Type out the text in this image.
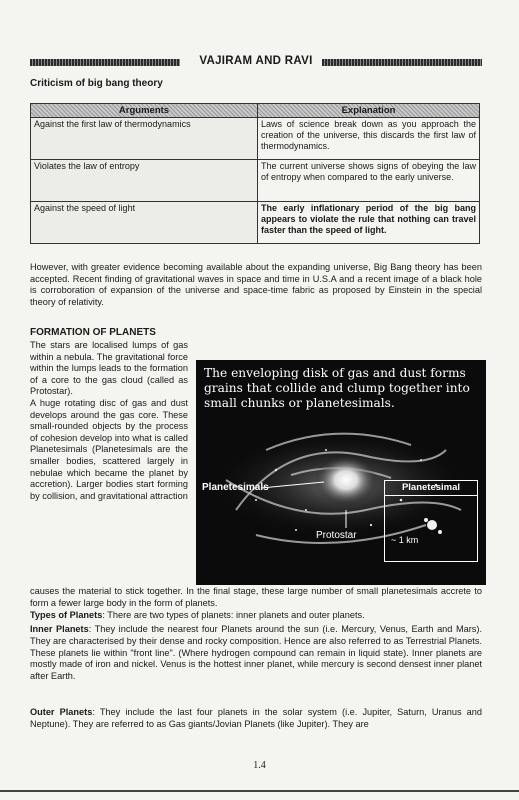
VAJIRAM AND RAVI
Criticism of big bang theory
Arguments	Explanation
Against the first law of thermodynamics	Laws of science break down as you approach the creation of the universe, this discards the first law of thermodynamics.
Violates the law of entropy	The current universe shows signs of obeying the law of entropy when compared to the early universe.
Against the speed of light	The early inflationary period of the big bang appears to violate the rule that nothing can travel faster than the speed of light.

However, with greater evidence becoming available about the expanding universe, Big Bang theory has been accepted. Recent finding of gravitational waves in space and time in U.S.A and a recent image of a black hole is corroboration of expansion of the universe and space-time fabric as proposed by Einstein in the special theory of relativity.

FORMATION OF PLANETS

The stars are localised lumps of gas within a nebula. The gravitational force within the lumps leads to the formation of a core to the gas cloud (called as Protostar).

A huge rotating disc of gas and dust develops around the gas core. These small-rounded objects by the process of cohesion develop into what is called Planetesimals (Planetesimals are the smaller bodies, scattered largely in nebulae which became the planet by accretion). Larger bodies start forming by collision, and gravitational attraction

The enveloping disk of gas and dust forms grains that collide and clump together into small chunks or planetesimals.
Planetesimals
Protostar
Planetesimal
~ 1 km

causes the material to stick together. In the final stage, these large number of small planetesimals accrete to form a fewer large body in the form of planets.

Types of Planets: There are two types of planets: inner planets and outer planets.

Inner Planets: They include the nearest four Planets around the sun (i.e. Mercury, Venus, Earth and Mars). They are characterised by their dense and rocky composition. Hence are also referred to as Terrestrial Planets. These planets lie within "front line". (Where hydrogen compound can remain in liquid state). Inner planets are mostly made of iron and nickel. Venus is the hottest inner planet, while mercury is second densest inner planet after Earth.

Outer Planets: They include the last four planets in the solar system (i.e. Jupiter, Saturn, Uranus and Neptune). They are referred to as Gas giants/Jovian Planets (like Jupiter). They are

1.4
